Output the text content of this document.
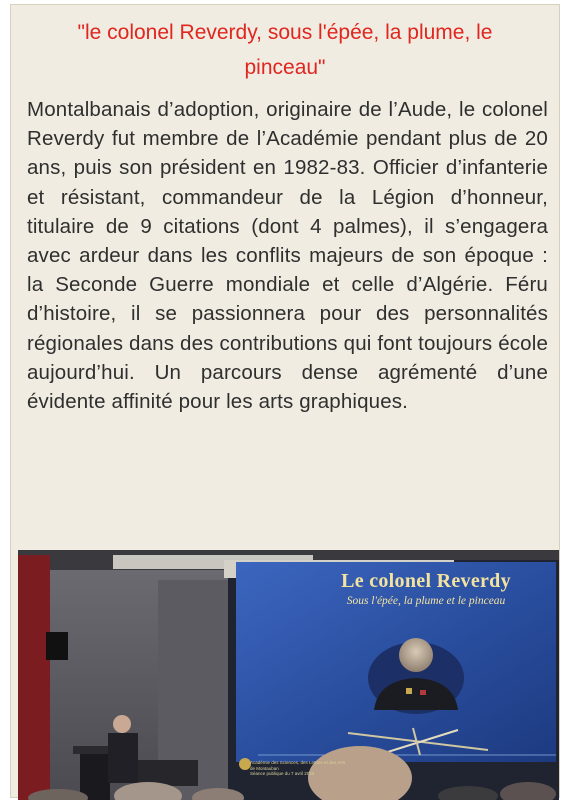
"le colonel Reverdy, sous l'épée, la plume, le
pinceau"
Montalbanais d’adoption, originaire de l’Aude, le colonel Reverdy fut membre de l’Académie pendant plus de 20 ans, puis son président en 1982-83. Officier d’infanterie et résistant, commandeur de la Légion d’honneur, titulaire de 9 citations (dont 4 palmes), il s’engagera avec ardeur dans les conflits majeurs de son époque : la Seconde Guerre mondiale et celle d’Algérie. Féru d’histoire, il se passionnera pour des personnalités régionales dans des contributions qui font toujours école aujourd’hui. Un parcours dense agrémenté d’une évidente affinité pour les arts graphiques.
Le colonel Reverdy
Sous l'épée, la plume et le pinceau
Académie des Sciences, des Lettres et des Arts
de Montauban
Séance publique du 7 avril 2023
